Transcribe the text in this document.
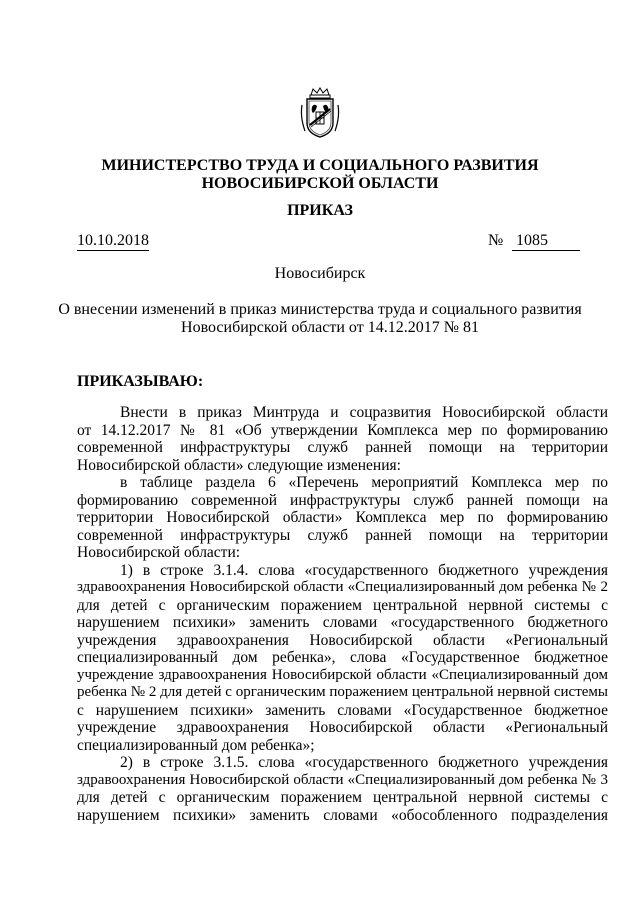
МИНИСТЕРСТВО ТРУДА И СОЦИАЛЬНОГО РАЗВИТИЯ
НОВОСИБИРСКОЙ ОБЛАСТИ
ПРИКАЗ
10.10.2018	№ 1085
Новосибирск
О внесении изменений в приказ министерства труда и социального развития
Новосибирской области от 14.12.2017 № 81
ПРИКАЗЫВАЮ:
Внести в приказ Минтруда и соцразвития Новосибирской области
от 14.12.2017 № 81 «Об утверждении Комплекса мер по формированию
современной инфраструктуры служб ранней помощи на территории
Новосибирской области» следующие изменения:
в таблице раздела 6 «Перечень мероприятий Комплекса мер по
формированию современной инфраструктуры служб ранней помощи на
территории Новосибирской области» Комплекса мер по формированию
современной инфраструктуры служб ранней помощи на территории
Новосибирской области:
1) в строке 3.1.4. слова «государственного бюджетного учреждения
здравоохранения Новосибирской области «Специализированный дом ребенка № 2
для детей с органическим поражением центральной нервной системы с
нарушением психики» заменить словами «государственного бюджетного
учреждения здравоохранения Новосибирской области «Региональный
специализированный дом ребенка», слова «Государственное бюджетное
учреждение здравоохранения Новосибирской области «Специализированный дом
ребенка № 2 для детей с органическим поражением центральной нервной системы
с нарушением психики» заменить словами «Государственное бюджетное
учреждение здравоохранения Новосибирской области «Региональный
специализированный дом ребенка»;
2) в строке 3.1.5. слова «государственного бюджетного учреждения
здравоохранения Новосибирской области «Специализированный дом ребенка № 3
для детей с органическим поражением центральной нервной системы с
нарушением психики» заменить словами «обособленного подразделения
